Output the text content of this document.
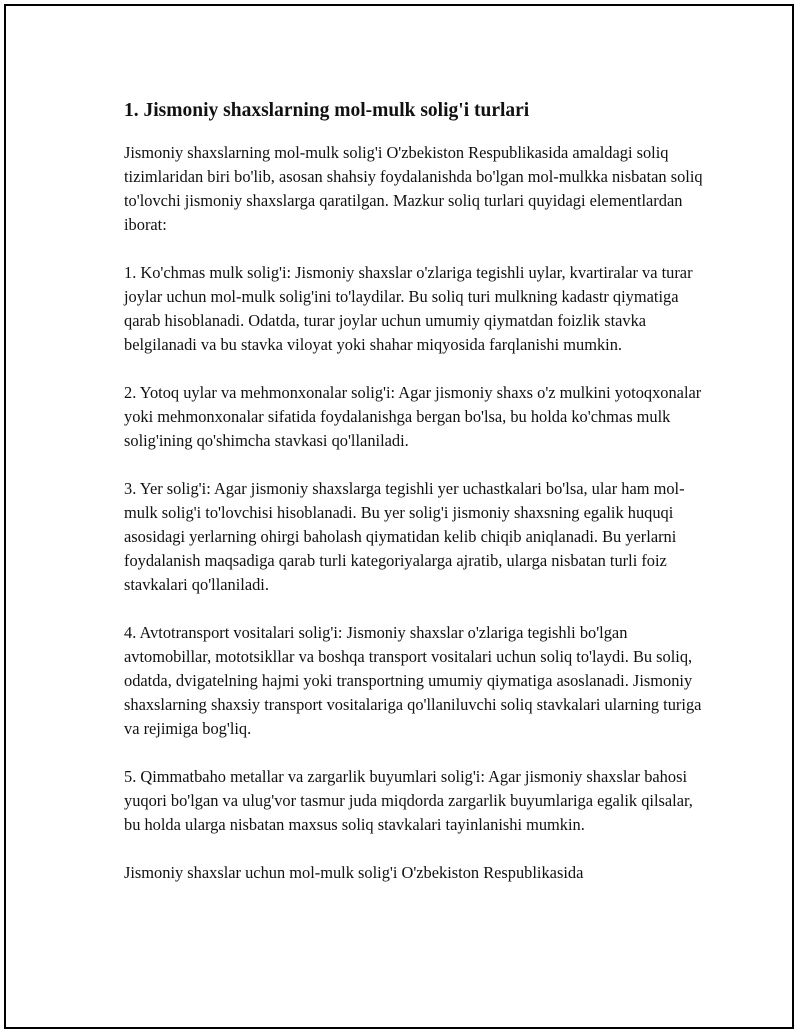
1. Jismoniy shaxslarning mol-mulk solig'i turlari

Jismoniy shaxslarning mol-mulk solig'i O'zbekiston Respublikasida amaldagi soliq tizimlaridan biri bo'lib, asosan shahsiy foydalanishda bo'lgan mol-mulkka nisbatan soliq to'lovchi jismoniy shaxslarga qaratilgan. Mazkur soliq turlari quyidagi elementlardan iborat:

1. Ko'chmas mulk solig'i: Jismoniy shaxslar o'zlariga tegishli uylar, kvartiralar va turar joylar uchun mol-mulk solig'ini to'laydilar. Bu soliq turi mulkning kadastr qiymatiga qarab hisoblanadi. Odatda, turar joylar uchun umumiy qiymatdan foizlik stavka belgilanadi va bu stavka viloyat yoki shahar miqyosida farqlanishi mumkin.

2. Yotoq uylar va mehmonxonalar solig'i: Agar jismoniy shaxs o'z mulkini yotoqxonalar yoki mehmonxonalar sifatida foydalanishga bergan bo'lsa, bu holda ko'chmas mulk solig'ining qo'shimcha stavkasi qo'llaniladi.

3. Yer solig'i: Agar jismoniy shaxslarga tegishli yer uchastkalari bo'lsa, ular ham mol-mulk solig'i to'lovchisi hisoblanadi. Bu yer solig'i jismoniy shaxsning egalik huquqi asosidagi yerlarning ohirgi baholash qiymatidan kelib chiqib aniqlanadi. Bu yerlarni foydalanish maqsadiga qarab turli kategoriyalarga ajratib, ularga nisbatan turli foiz stavkalari qo'llaniladi.

4. Avtotransport vositalari solig'i: Jismoniy shaxslar o'zlariga tegishli bo'lgan avtomobillar, mototsikllar va boshqa transport vositalari uchun soliq to'laydi. Bu soliq, odatda, dvigatelning hajmi yoki transportning umumiy qiymatiga asoslanadi. Jismoniy shaxslarning shaxsiy transport vositalariga qo'llaniluvchi soliq stavkalari ularning turiga va rejimiga bog'liq.

5. Qimmatbaho metallar va zargarlik buyumlari solig'i: Agar jismoniy shaxslar bahosi yuqori bo'lgan va ulug'vor tasmur juda miqdorda zargarlik buyumlariga egalik qilsalar, bu holda ularga nisbatan maxsus soliq stavkalari tayinlanishi mumkin.

Jismoniy shaxslar uchun mol-mulk solig'i O'zbekiston Respublikasida
